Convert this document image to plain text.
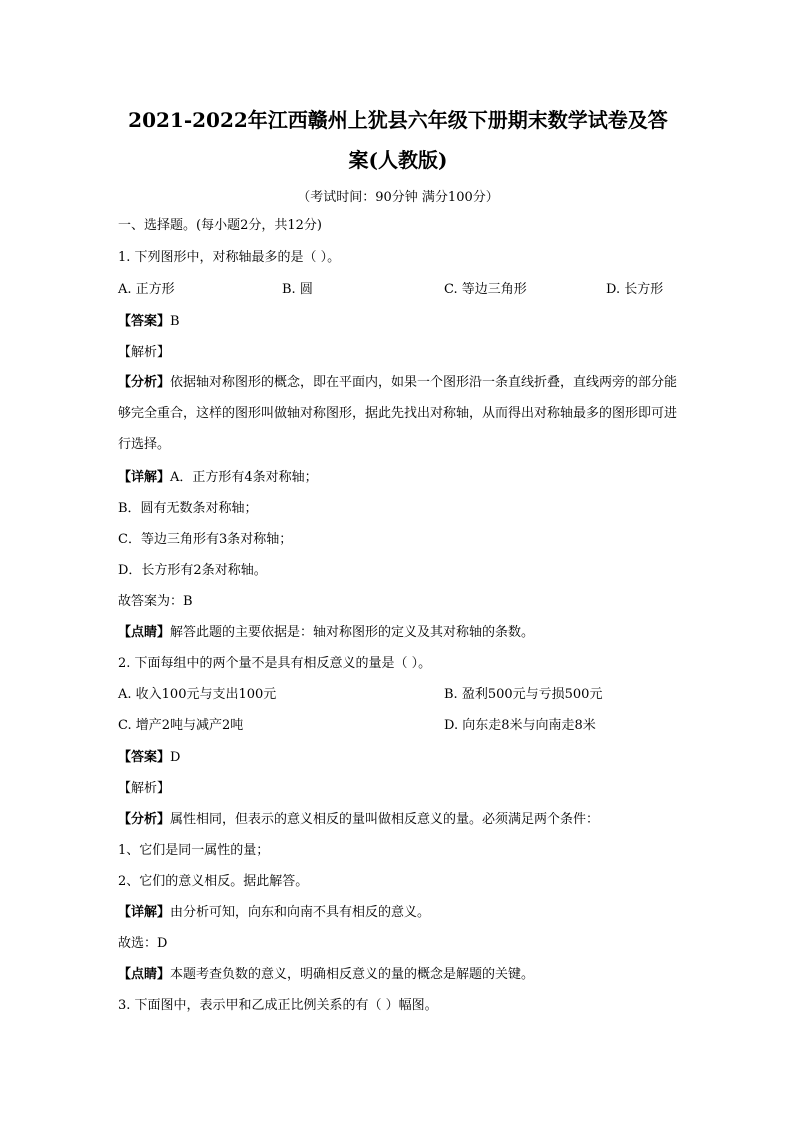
2021-2022年江西赣州上犹县六年级下册期末数学试卷及答
案(人教版)
（考试时间：90分钟 满分100分）
一、选择题。(每小题2分，共12分)
1. 下列图形中，对称轴最多的是（ ）。
A. 正方形	B. 圆	C. 等边三角形	D. 长方形
【答案】B
【解析】
【分析】依据轴对称图形的概念，即在平面内，如果一个图形沿一条直线折叠，直线两旁的部分能够完全重合，这样的图形叫做轴对称图形，据此先找出对称轴，从而得出对称轴最多的图形即可进行选择。
【详解】A．正方形有4条对称轴；
B．圆有无数条对称轴；
C．等边三角形有3条对称轴；
D．长方形有2条对称轴。
故答案为：B
【点睛】解答此题的主要依据是：轴对称图形的定义及其对称轴的条数。
2. 下面每组中的两个量不是具有相反意义的量是（ ）。
A. 收入100元与支出100元	B. 盈利500元与亏损500元
C. 增产2吨与减产2吨	D. 向东走8米与向南走8米
【答案】D
【解析】
【分析】属性相同，但表示的意义相反的量叫做相反意义的量。必须满足两个条件：
1、它们是同一属性的量；
2、它们的意义相反。据此解答。
【详解】由分析可知，向东和向南不具有相反的意义。
故选：D
【点睛】本题考查负数的意义，明确相反意义的量的概念是解题的关键。
3. 下面图中，表示甲和乙成正比例关系的有（ ）幅图。
